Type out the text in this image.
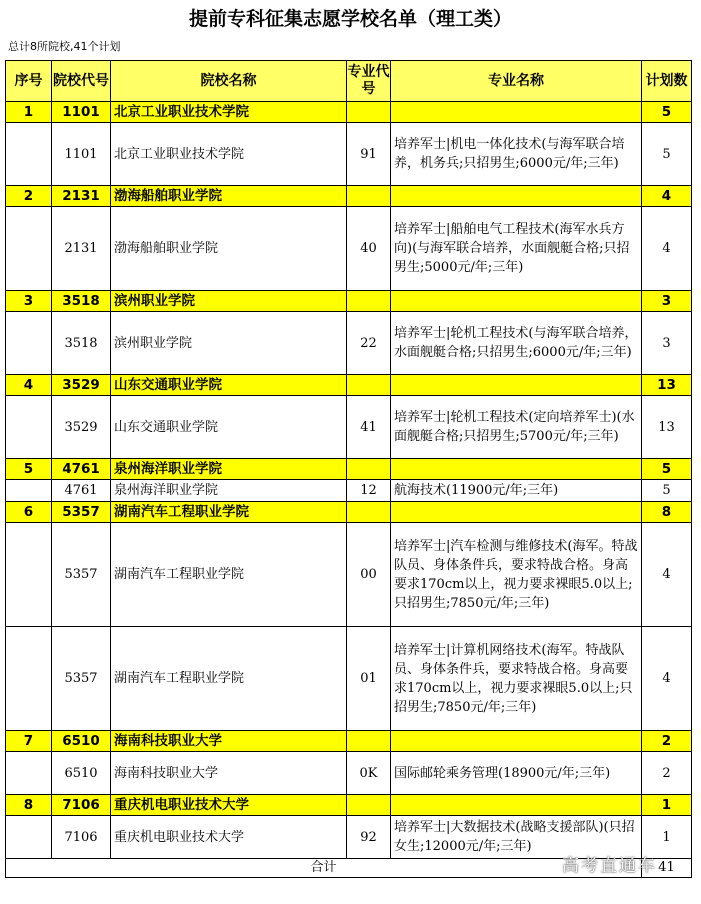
提前专科征集志愿学校名单（理工类）
总计8所院校,41个计划
序号	院校代号	院校名称	专业代号	专业名称	计划数
1	1101	北京工业职业技术学院			5
	1101	北京工业职业技术学院	91	培养军士|机电一体化技术(与海军联合培养，机务兵;只招男生;6000元/年;三年)	5
2	2131	渤海船舶职业学院			4
	2131	渤海船舶职业学院	40	培养军士|船舶电气工程技术(海军水兵方向)(与海军联合培养，水面舰艇合格;只招男生;5000元/年;三年)	4
3	3518	滨州职业学院			3
	3518	滨州职业学院	22	培养军士|轮机工程技术(与海军联合培养，水面舰艇合格;只招男生;6000元/年;三年)	3
4	3529	山东交通职业学院			13
	3529	山东交通职业学院	41	培养军士|轮机工程技术(定向培养军士)(水面舰艇合格;只招男生;5700元/年;三年)	13
5	4761	泉州海洋职业学院			5
	4761	泉州海洋职业学院	12	航海技术(11900元/年;三年)	5
6	5357	湖南汽车工程职业学院			8
	5357	湖南汽车工程职业学院	00	培养军士|汽车检测与维修技术(海军。特战队员、身体条件兵，要求特战合格。身高要求170cm以上，视力要求裸眼5.0以上;只招男生;7850元/年;三年)	4
	5357	湖南汽车工程职业学院	01	培养军士|计算机网络技术(海军。特战队员、身体条件兵，要求特战合格。身高要求170cm以上，视力要求裸眼5.0以上;只招男生;7850元/年;三年)	4
7	6510	海南科技职业大学			2
	6510	海南科技职业大学	0K	国际邮轮乘务管理(18900元/年;三年)	2
8	7106	重庆机电职业技术大学			1
	7106	重庆机电职业技术大学	92	培养军士|大数据技术(战略支援部队)(只招女生;12000元/年;三年)	1
合计					41
高考直通车
